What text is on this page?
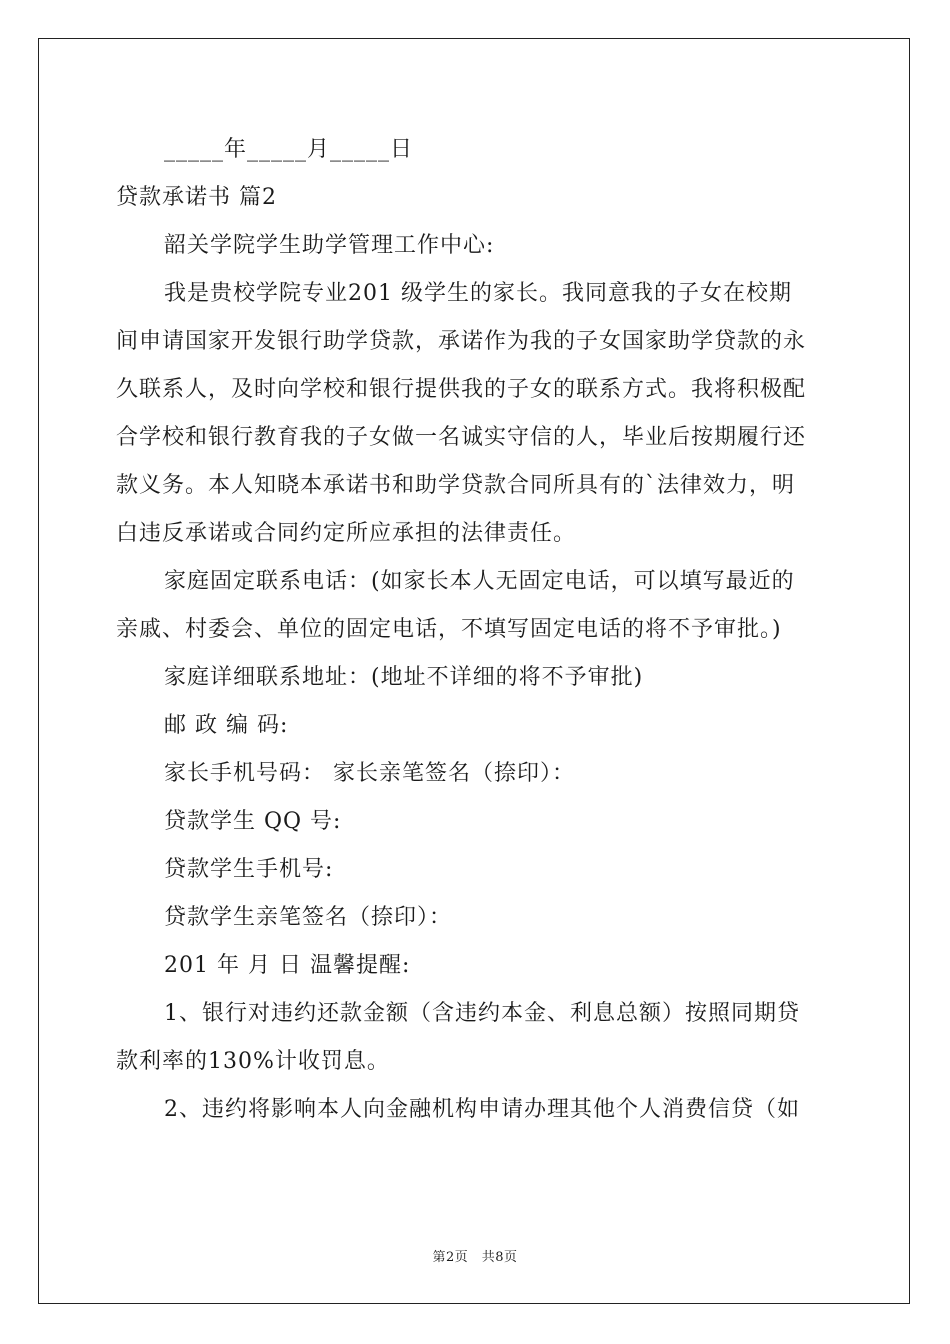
_____年_____月_____日
贷款承诺书 篇2
韶关学院学生助学管理工作中心:
我是贵校学院专业201 级学生的家长。我同意我的子女在校期
间申请国家开发银行助学贷款，承诺作为我的子女国家助学贷款的永
久联系人，及时向学校和银行提供我的子女的联系方式。我将积极配
合学校和银行教育我的子女做一名诚实守信的人，毕业后按期履行还
款义务。本人知晓本承诺书和助学贷款合同所具有的`法律效力，明
白违反承诺或合同约定所应承担的法律责任。
家庭固定联系电话：(如家长本人无固定电话，可以填写最近的
亲戚、村委会、单位的固定电话，不填写固定电话的将不予审批。)
家庭详细联系地址：(地址不详细的将不予审批)
邮 政 编 码:
家长手机号码： 家长亲笔签名（捺印）：
贷款学生 QQ 号:
贷款学生手机号:
贷款学生亲笔签名（捺印）：
201 年 月 日 温馨提醒:
1、银行对违约还款金额（含违约本金、利息总额）按照同期贷
款利率的130%计收罚息。
2、违约将影响本人向金融机构申请办理其他个人消费信贷（如
第2页　共8页
